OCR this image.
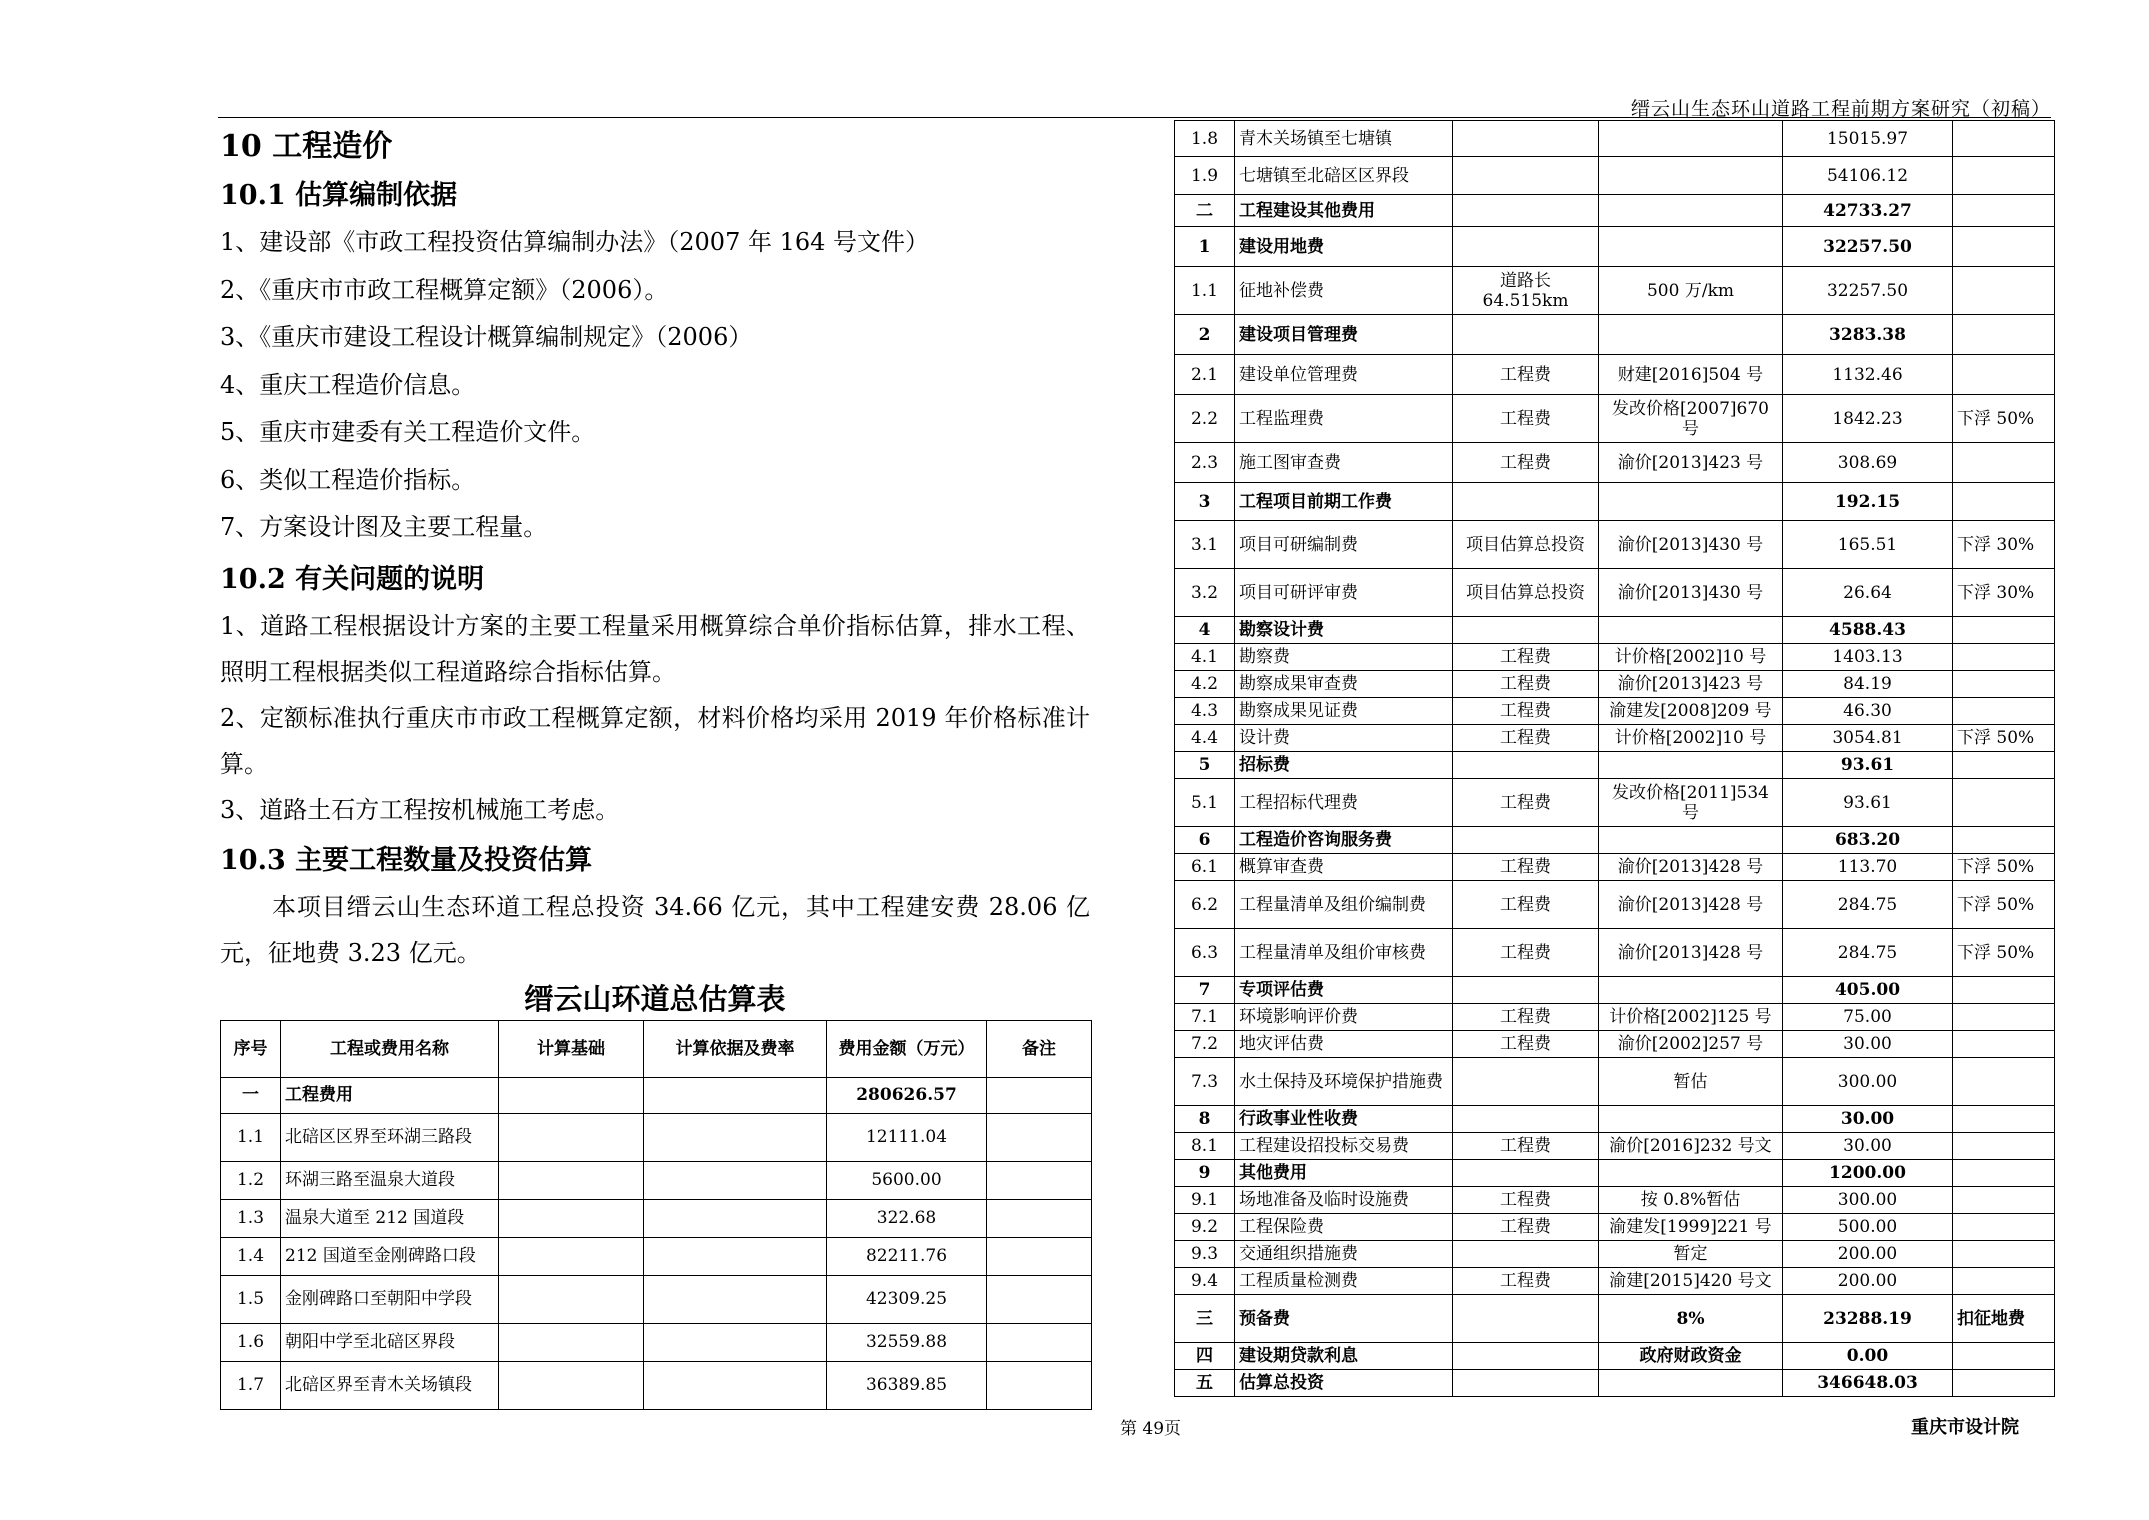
缙云山生态环山道路工程前期方案研究（初稿）
10 工程造价
10.1 估算编制依据
1、建设部《市政工程投资估算编制办法》（2007 年 164 号文件）
2、《重庆市市政工程概算定额》（2006）。
3、《重庆市建设工程设计概算编制规定》（2006）
4、重庆工程造价信息。
5、重庆市建委有关工程造价文件。
6、类似工程造价指标。
7、方案设计图及主要工程量。
10.2 有关问题的说明
1、道路工程根据设计方案的主要工程量采用概算综合单价指标估算，排水工程、照明工程根据类似工程道路综合指标估算。
2、定额标准执行重庆市市政工程概算定额，材料价格均采用 2019 年价格标准计算。
3、道路土石方工程按机械施工考虑。
10.3 主要工程数量及投资估算
本项目缙云山生态环道工程总投资 34.66 亿元，其中工程建安费 28.06 亿元，征地费 3.23 亿元。
缙云山环道总估算表
序号	工程或费用名称	计算基础	计算依据及费率	费用金额（万元）	备注
一	工程费用			280626.57	
1.1	北碚区区界至环湖三路段			12111.04	
1.2	环湖三路至温泉大道段			5600.00	
1.3	温泉大道至 212 国道段			322.68	
1.4	212 国道至金刚碑路口段			82211.76	
1.5	金刚碑路口至朝阳中学段			42309.25	
1.6	朝阳中学至北碚区界段			32559.88	
1.7	北碚区界至青木关场镇段			36389.85	
1.8	青木关场镇至七塘镇			15015.97	
1.9	七塘镇至北碚区区界段			54106.12	
二	工程建设其他费用			42733.27	
1	建设用地费			32257.50	
1.1	征地补偿费	道路长 64.515km	500 万/km	32257.50	
2	建设项目管理费			3283.38	
2.1	建设单位管理费	工程费	财建[2016]504 号	1132.46	
2.2	工程监理费	工程费	发改价格[2007]670 号	1842.23	下浮 50%
2.3	施工图审查费	工程费	渝价[2013]423 号	308.69	
3	工程项目前期工作费			192.15	
3.1	项目可研编制费	项目估算总投资	渝价[2013]430 号	165.51	下浮 30%
3.2	项目可研评审费	项目估算总投资	渝价[2013]430 号	26.64	下浮 30%
4	勘察设计费			4588.43	
4.1	勘察费	工程费	计价格[2002]10 号	1403.13	
4.2	勘察成果审查费	工程费	渝价[2013]423 号	84.19	
4.3	勘察成果见证费	工程费	渝建发[2008]209 号	46.30	
4.4	设计费	工程费	计价格[2002]10 号	3054.81	下浮 50%
5	招标费			93.61	
5.1	工程招标代理费	工程费	发改价格[2011]534 号	93.61	
6	工程造价咨询服务费			683.20	
6.1	概算审查费	工程费	渝价[2013]428 号	113.70	下浮 50%
6.2	工程量清单及组价编制费	工程费	渝价[2013]428 号	284.75	下浮 50%
6.3	工程量清单及组价审核费	工程费	渝价[2013]428 号	284.75	下浮 50%
7	专项评估费			405.00	
7.1	环境影响评价费	工程费	计价格[2002]125 号	75.00	
7.2	地灾评估费	工程费	渝价[2002]257 号	30.00	
7.3	水土保持及环境保护措施费		暂估	300.00	
8	行政事业性收费			30.00	
8.1	工程建设招投标交易费	工程费	渝价[2016]232 号文	30.00	
9	其他费用			1200.00	
9.1	场地准备及临时设施费	工程费	按 0.8%暂估	300.00	
9.2	工程保险费	工程费	渝建发[1999]221 号	500.00	
9.3	交通组织措施费		暂定	200.00	
9.4	工程质量检测费	工程费	渝建[2015]420 号文	200.00	
三	预备费		8%	23288.19	扣征地费
四	建设期贷款利息		政府财政资金	0.00	
五	估算总投资			346648.03	
第 49页	重庆市设计院
